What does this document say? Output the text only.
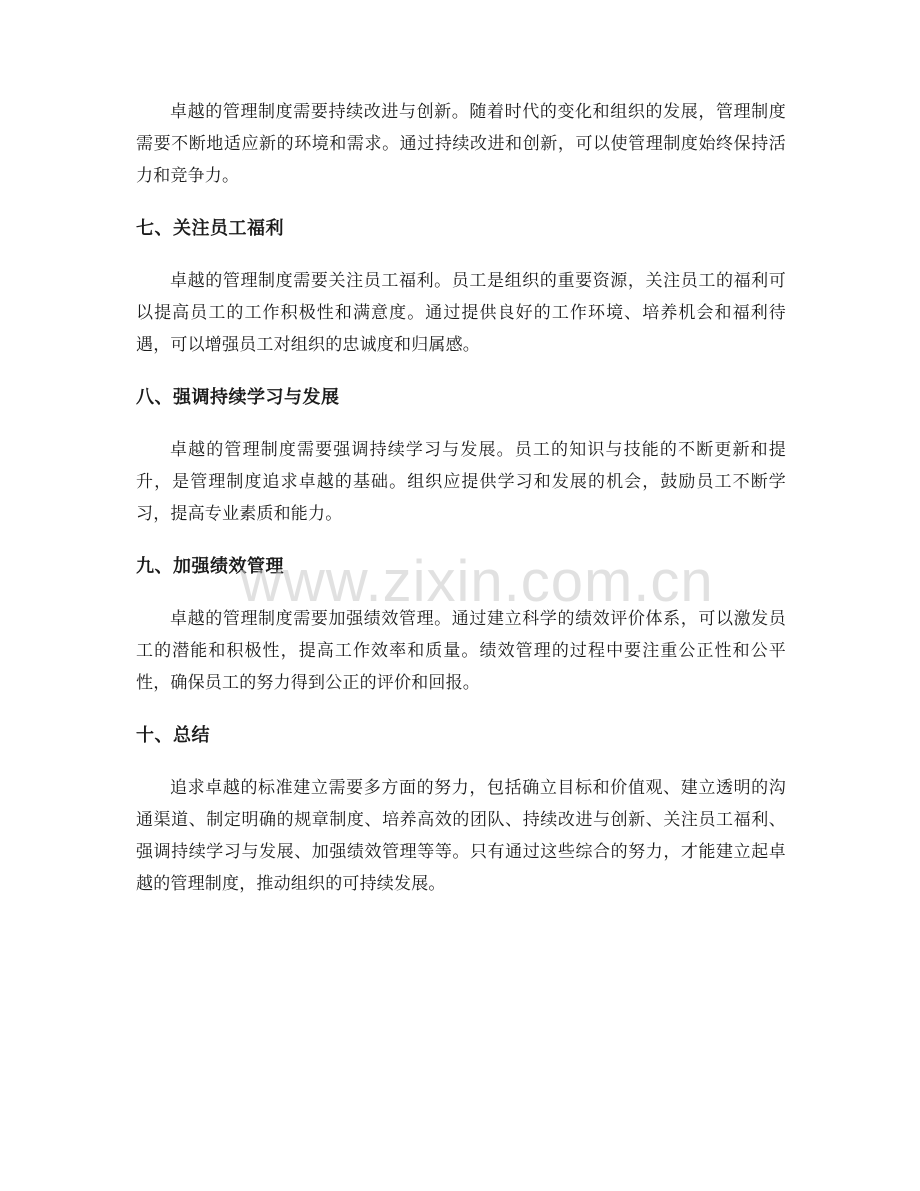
卓越的管理制度需要持续改进与创新。随着时代的变化和组织的发展，管理制度需要不断地适应新的环境和需求。通过持续改进和创新，可以使管理制度始终保持活力和竞争力。

七、关注员工福利

卓越的管理制度需要关注员工福利。员工是组织的重要资源，关注员工的福利可以提高员工的工作积极性和满意度。通过提供良好的工作环境、培养机会和福利待遇，可以增强员工对组织的忠诚度和归属感。

八、强调持续学习与发展

卓越的管理制度需要强调持续学习与发展。员工的知识与技能的不断更新和提升，是管理制度追求卓越的基础。组织应提供学习和发展的机会，鼓励员工不断学习，提高专业素质和能力。

九、加强绩效管理

卓越的管理制度需要加强绩效管理。通过建立科学的绩效评价体系，可以激发员工的潜能和积极性，提高工作效率和质量。绩效管理的过程中要注重公正性和公平性，确保员工的努力得到公正的评价和回报。

十、总结

追求卓越的标准建立需要多方面的努力，包括确立目标和价值观、建立透明的沟通渠道、制定明确的规章制度、培养高效的团队、持续改进与创新、关注员工福利、强调持续学习与发展、加强绩效管理等等。只有通过这些综合的努力，才能建立起卓越的管理制度，推动组织的可持续发展。

www.zixin.com.cn
